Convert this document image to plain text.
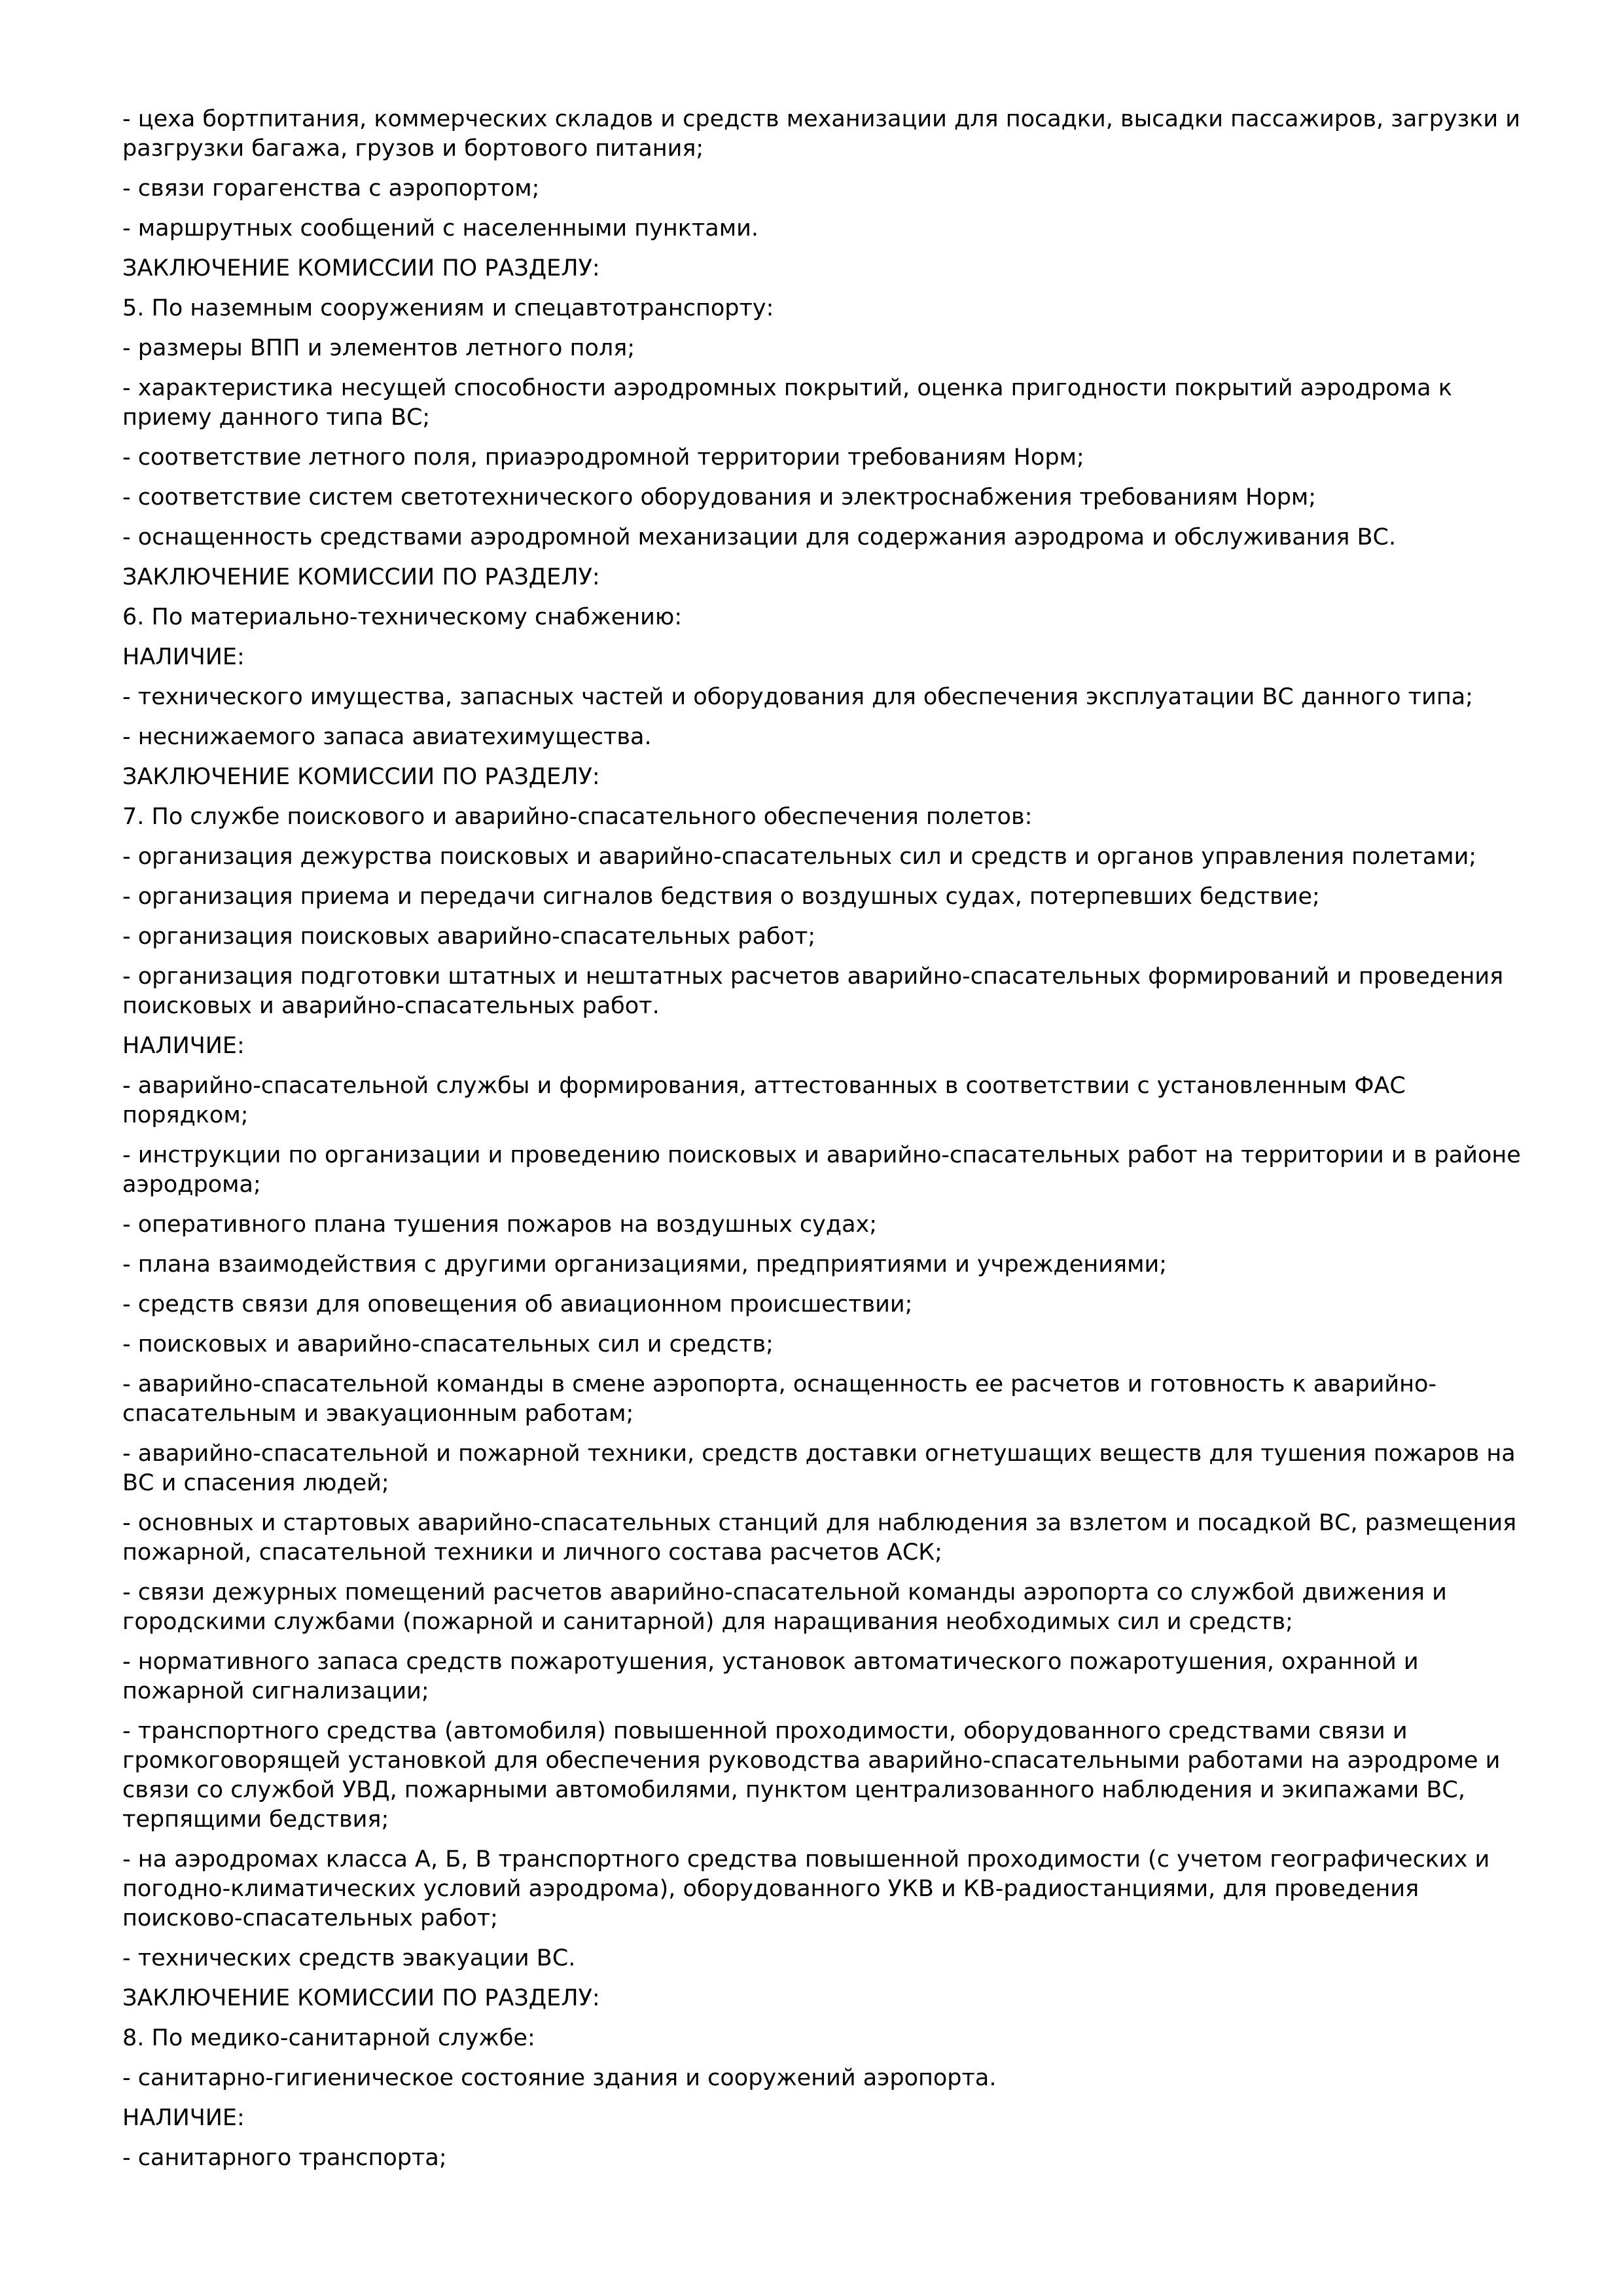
- цеха бортпитания, коммерческих складов и средств механизации для посадки, высадки пассажиров, загрузки и разгрузки багажа, грузов и бортового питания;

- связи горагенства с аэропортом;

- маршрутных сообщений с населенными пунктами.

ЗАКЛЮЧЕНИЕ КОМИССИИ ПО РАЗДЕЛУ:

5. По наземным сооружениям и спецавтотранспорту:

- размеры ВПП и элементов летного поля;

- характеристика несущей способности аэродромных покрытий, оценка пригодности покрытий аэродрома к приему данного типа ВС;

- соответствие летного поля, приаэродромной территории требованиям Норм;

- соответствие систем светотехнического оборудования и электроснабжения требованиям Норм;

- оснащенность средствами аэродромной механизации для содержания аэродрома и обслуживания ВС.

ЗАКЛЮЧЕНИЕ КОМИССИИ ПО РАЗДЕЛУ:

6. По материально-техническому снабжению:

НАЛИЧИЕ:

- технического имущества, запасных частей и оборудования для обеспечения эксплуатации ВС данного типа;

- неснижаемого запаса авиатехимущества.

ЗАКЛЮЧЕНИЕ КОМИССИИ ПО РАЗДЕЛУ:

7. По службе поискового и аварийно-спасательного обеспечения полетов:

- организация дежурства поисковых и аварийно-спасательных сил и средств и органов управления полетами;

- организация приема и передачи сигналов бедствия о воздушных судах, потерпевших бедствие;

- организация поисковых аварийно-спасательных работ;

- организация подготовки штатных и нештатных расчетов аварийно-спасательных формирований и проведения поисковых и аварийно-спасательных работ.

НАЛИЧИЕ:

- аварийно-спасательной службы и формирования, аттестованных в соответствии с установленным ФАС порядком;

- инструкции по организации и проведению поисковых и аварийно-спасательных работ на территории и в районе аэродрома;

- оперативного плана тушения пожаров на воздушных судах;

- плана взаимодействия с другими организациями, предприятиями и учреждениями;

- средств связи для оповещения об авиационном происшествии;

- поисковых и аварийно-спасательных сил и средств;

- аварийно-спасательной команды в смене аэропорта, оснащенность ее расчетов и готовность к аварийно-спасательным и эвакуационным работам;

- аварийно-спасательной и пожарной техники, средств доставки огнетушащих веществ для тушения пожаров на ВС и спасения людей;

- основных и стартовых аварийно-спасательных станций для наблюдения за взлетом и посадкой ВС, размещения пожарной, спасательной техники и личного состава расчетов АСК;

- связи дежурных помещений расчетов аварийно-спасательной команды аэропорта со службой движения и городскими службами (пожарной и санитарной) для наращивания необходимых сил и средств;

- нормативного запаса средств пожаротушения, установок автоматического пожаротушения, охранной и пожарной сигнализации;

- транспортного средства (автомобиля) повышенной проходимости, оборудованного средствами связи и громкоговорящей установкой для обеспечения руководства аварийно-спасательными работами на аэродроме и связи со службой УВД, пожарными автомобилями, пунктом централизованного наблюдения и экипажами ВС, терпящими бедствия;

- на аэродромах класса А, Б, В транспортного средства повышенной проходимости (с учетом географических и погодно-климатических условий аэродрома), оборудованного УКВ и КВ-радиостанциями, для проведения поисково-спасательных работ;

- технических средств эвакуации ВС.

ЗАКЛЮЧЕНИЕ КОМИССИИ ПО РАЗДЕЛУ:

8. По медико-санитарной службе:

- санитарно-гигиеническое состояние здания и сооружений аэропорта.

НАЛИЧИЕ:

- санитарного транспорта;
